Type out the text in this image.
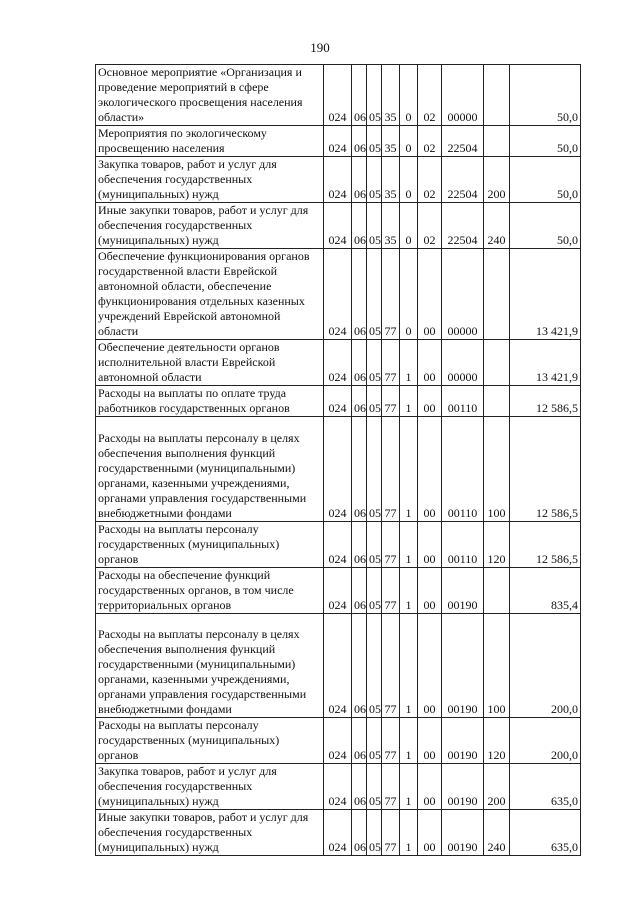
190
Основное мероприятие «Организация и проведение мероприятий в сфере экологического просвещения населения области»	024	06	05	35	0	02	00000		50,0
Мероприятия по экологическому просвещению населения	024	06	05	35	0	02	22504		50,0
Закупка товаров, работ и услуг для обеспечения государственных (муниципальных) нужд	024	06	05	35	0	02	22504	200	50,0
Иные закупки товаров, работ и услуг для обеспечения государственных (муниципальных) нужд	024	06	05	35	0	02	22504	240	50,0
Обеспечение функционирования органов государственной власти Еврейской автономной области, обеспечение функционирования отдельных казенных учреждений Еврейской автономной области	024	06	05	77	0	00	00000		13 421,9
Обеспечение деятельности органов исполнительной власти Еврейской автономной области	024	06	05	77	1	00	00000		13 421,9
Расходы на выплаты по оплате труда работников государственных органов	024	06	05	77	1	00	00110		12 586,5
Расходы на выплаты персоналу в целях обеспечения выполнения функций государственными (муниципальными) органами, казенными учреждениями, органами управления государственными внебюджетными фондами	024	06	05	77	1	00	00110	100	12 586,5
Расходы на выплаты персоналу государственных (муниципальных) органов	024	06	05	77	1	00	00110	120	12 586,5
Расходы на обеспечение функций государственных органов, в том числе территориальных органов	024	06	05	77	1	00	00190		835,4
Расходы на выплаты персоналу в целях обеспечения выполнения функций государственными (муниципальными) органами, казенными учреждениями, органами управления государственными внебюджетными фондами	024	06	05	77	1	00	00190	100	200,0
Расходы на выплаты персоналу государственных (муниципальных) органов	024	06	05	77	1	00	00190	120	200,0
Закупка товаров, работ и услуг для обеспечения государственных (муниципальных) нужд	024	06	05	77	1	00	00190	200	635,0
Иные закупки товаров, работ и услуг для обеспечения государственных (муниципальных) нужд	024	06	05	77	1	00	00190	240	635,0
